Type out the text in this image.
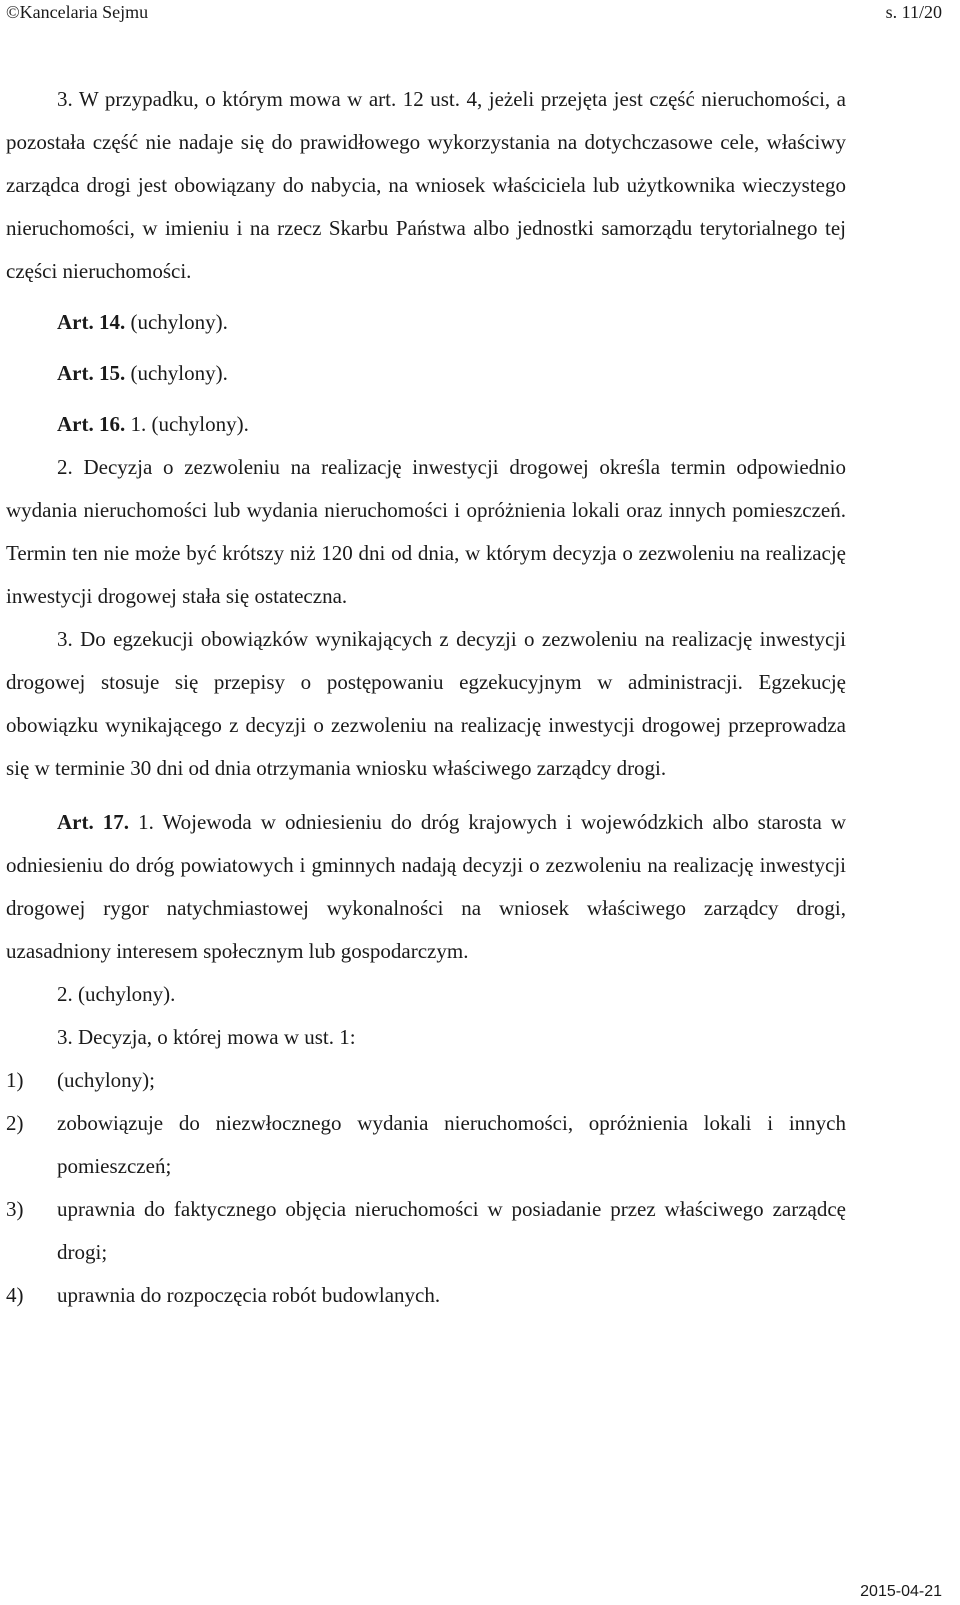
©Kancelaria Sejmu	s. 11/20

3. W przypadku, o którym mowa w art. 12 ust. 4, jeżeli przejęta jest część nieruchomości, a pozostała część nie nadaje się do prawidłowego wykorzystania na dotychczasowe cele, właściwy zarządca drogi jest obowiązany do nabycia, na wniosek właściciela lub użytkownika wieczystego nieruchomości, w imieniu i na rzecz Skarbu Państwa albo jednostki samorządu terytorialnego tej części nieruchomości.

Art. 14. (uchylony).

Art. 15. (uchylony).

Art. 16. 1. (uchylony).

2. Decyzja o zezwoleniu na realizację inwestycji drogowej określa termin odpowiednio wydania nieruchomości lub wydania nieruchomości i opróżnienia lokali oraz innych pomieszczeń. Termin ten nie może być krótszy niż 120 dni od dnia, w którym decyzja o zezwoleniu na realizację inwestycji drogowej stała się ostateczna.

3. Do egzekucji obowiązków wynikających z decyzji o zezwoleniu na realizację inwestycji drogowej stosuje się przepisy o postępowaniu egzekucyjnym w administracji. Egzekucję obowiązku wynikającego z decyzji o zezwoleniu na realizację inwestycji drogowej przeprowadza się w terminie 30 dni od dnia otrzymania wniosku właściwego zarządcy drogi.

Art. 17. 1. Wojewoda w odniesieniu do dróg krajowych i wojewódzkich albo starosta w odniesieniu do dróg powiatowych i gminnych nadają decyzji o zezwoleniu na realizację inwestycji drogowej rygor natychmiastowej wykonalności na wniosek właściwego zarządcy drogi, uzasadniony interesem społecznym lub gospodarczym.

2. (uchylony).

3. Decyzja, o której mowa w ust. 1:

1) (uchylony);

2) zobowiązuje do niezwłocznego wydania nieruchomości, opróżnienia lokali i innych pomieszczeń;

3) uprawnia do faktycznego objęcia nieruchomości w posiadanie przez właściwego zarządcę drogi;

4) uprawnia do rozpoczęcia robót budowlanych.

2015-04-21
